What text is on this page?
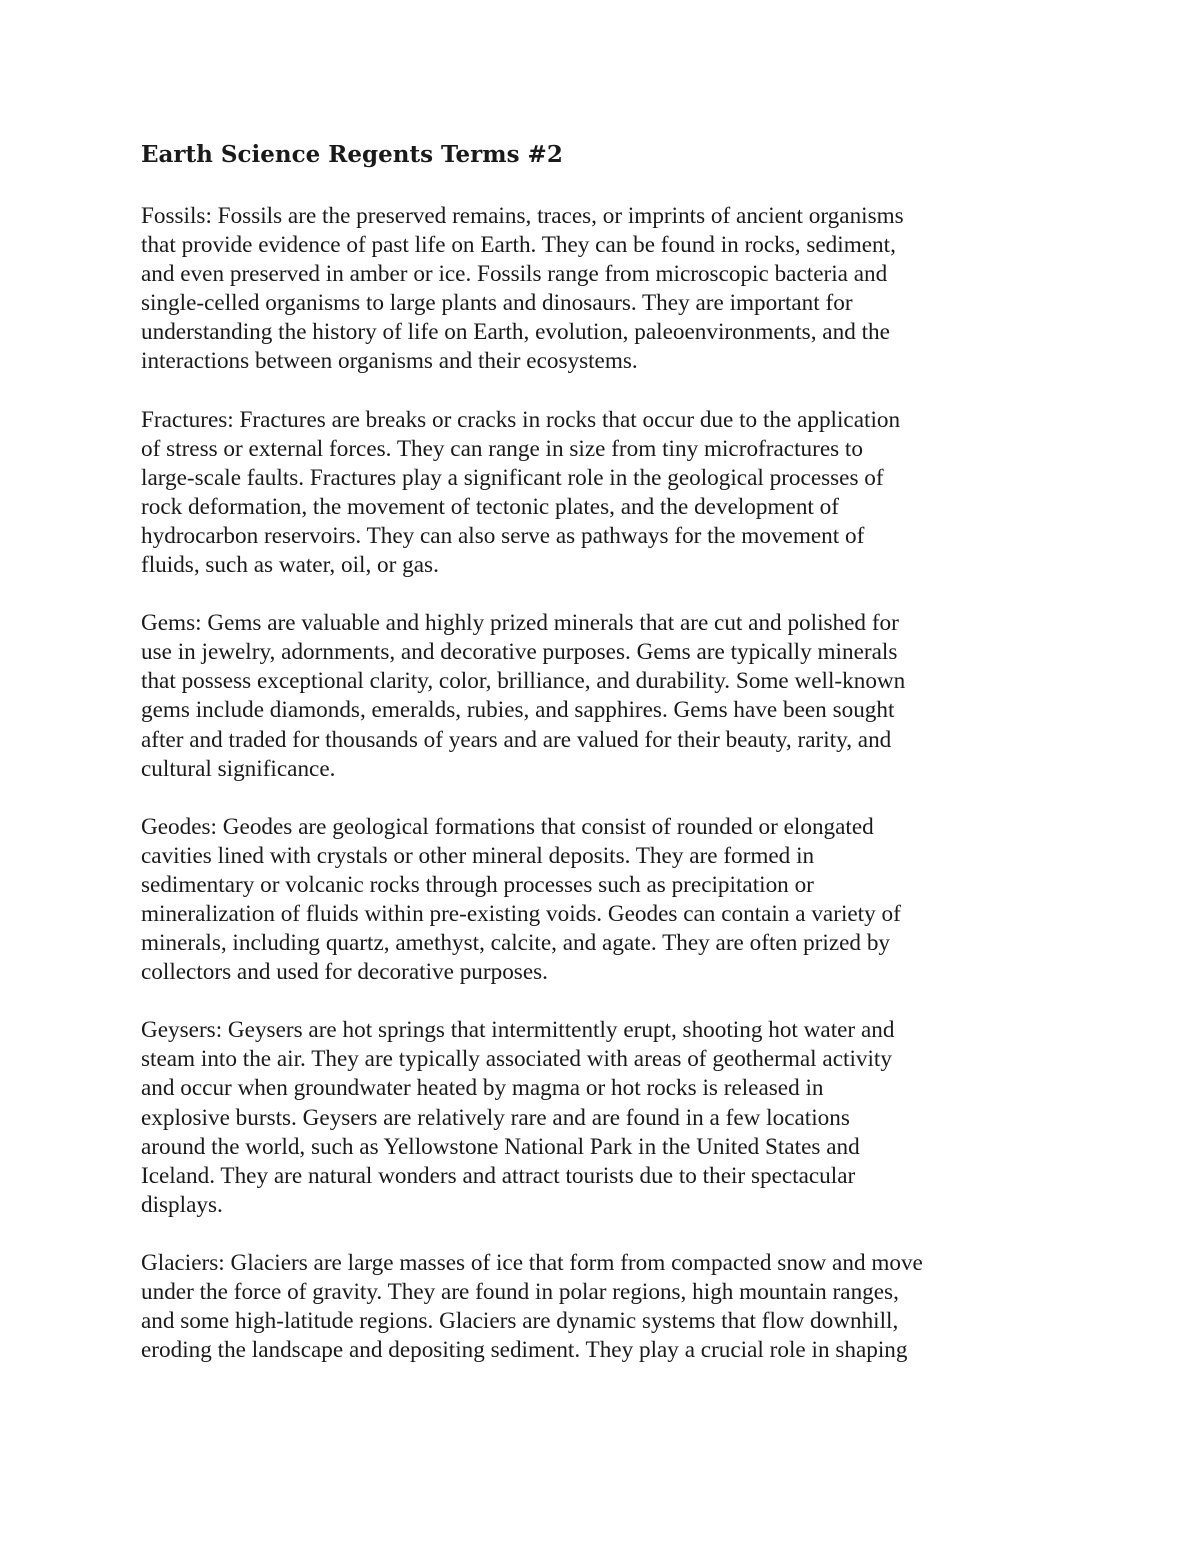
Earth Science Regents Terms #2

Fossils: Fossils are the preserved remains, traces, or imprints of ancient organisms
that provide evidence of past life on Earth. They can be found in rocks, sediment,
and even preserved in amber or ice. Fossils range from microscopic bacteria and
single-celled organisms to large plants and dinosaurs. They are important for
understanding the history of life on Earth, evolution, paleoenvironments, and the
interactions between organisms and their ecosystems.

Fractures: Fractures are breaks or cracks in rocks that occur due to the application
of stress or external forces. They can range in size from tiny microfractures to
large-scale faults. Fractures play a significant role in the geological processes of
rock deformation, the movement of tectonic plates, and the development of
hydrocarbon reservoirs. They can also serve as pathways for the movement of
fluids, such as water, oil, or gas.

Gems: Gems are valuable and highly prized minerals that are cut and polished for
use in jewelry, adornments, and decorative purposes. Gems are typically minerals
that possess exceptional clarity, color, brilliance, and durability. Some well-known
gems include diamonds, emeralds, rubies, and sapphires. Gems have been sought
after and traded for thousands of years and are valued for their beauty, rarity, and
cultural significance.

Geodes: Geodes are geological formations that consist of rounded or elongated
cavities lined with crystals or other mineral deposits. They are formed in
sedimentary or volcanic rocks through processes such as precipitation or
mineralization of fluids within pre-existing voids. Geodes can contain a variety of
minerals, including quartz, amethyst, calcite, and agate. They are often prized by
collectors and used for decorative purposes.

Geysers: Geysers are hot springs that intermittently erupt, shooting hot water and
steam into the air. They are typically associated with areas of geothermal activity
and occur when groundwater heated by magma or hot rocks is released in
explosive bursts. Geysers are relatively rare and are found in a few locations
around the world, such as Yellowstone National Park in the United States and
Iceland. They are natural wonders and attract tourists due to their spectacular
displays.

Glaciers: Glaciers are large masses of ice that form from compacted snow and move
under the force of gravity. They are found in polar regions, high mountain ranges,
and some high-latitude regions. Glaciers are dynamic systems that flow downhill,
eroding the landscape and depositing sediment. They play a crucial role in shaping
